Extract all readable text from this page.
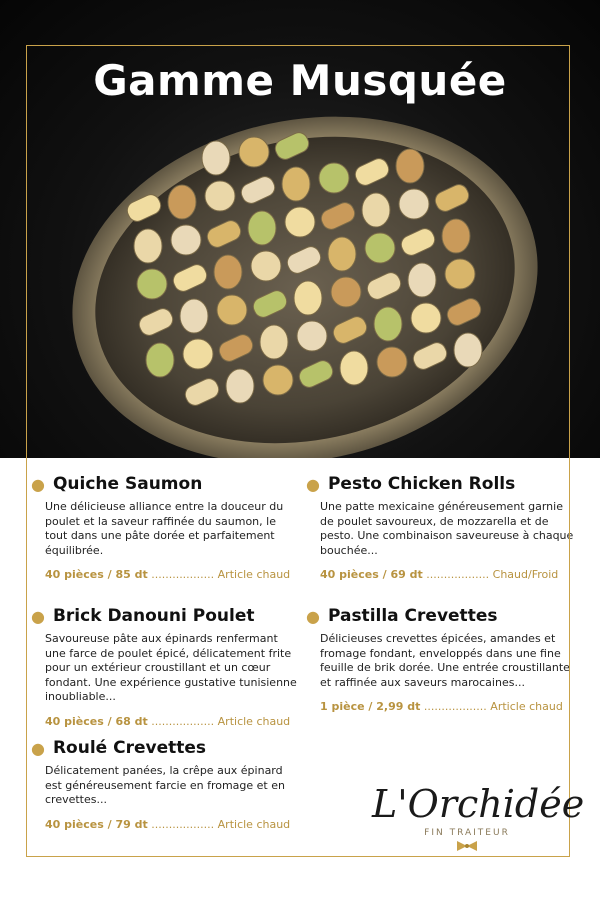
Gamme Musquée
● Quiche Saumon

Une délicieuse alliance entre la douceur du poulet et la saveur raffinée du saumon, le tout dans une pâte dorée et parfaitement équilibrée.

40 pièces / 85 dt .................. Article chaud
● Pesto Chicken Rolls

Une patte mexicaine généreusement garnie de poulet savoureux, de mozzarella et de pesto. Une combinaison saveureuse à chaque bouchée...

40 pièces / 69 dt .................. Chaud/Froid
● Brick Danouni Poulet

Savoureuse pâte aux épinards renfermant une farce de poulet épicé, délicatement frite pour un extérieur croustillant et un cœur fondant. Une expérience gustative tunisienne inoubliable...

40 pièces / 68 dt .................. Article chaud
● Pastilla Crevettes

Délicieuses crevettes épicées, amandes et fromage fondant, enveloppés dans une fine feuille de brik dorée. Une entrée croustillante et raffinée aux saveurs marocaines...

1 pièce / 2,99 dt .................. Article chaud
● Roulé Crevettes

Délicatement panées, la crêpe aux épinard est généreusement farcie en fromage et en crevettes...

40 pièces / 79 dt .................. Article chaud L'Orchidée
FIN TRAITEUR
